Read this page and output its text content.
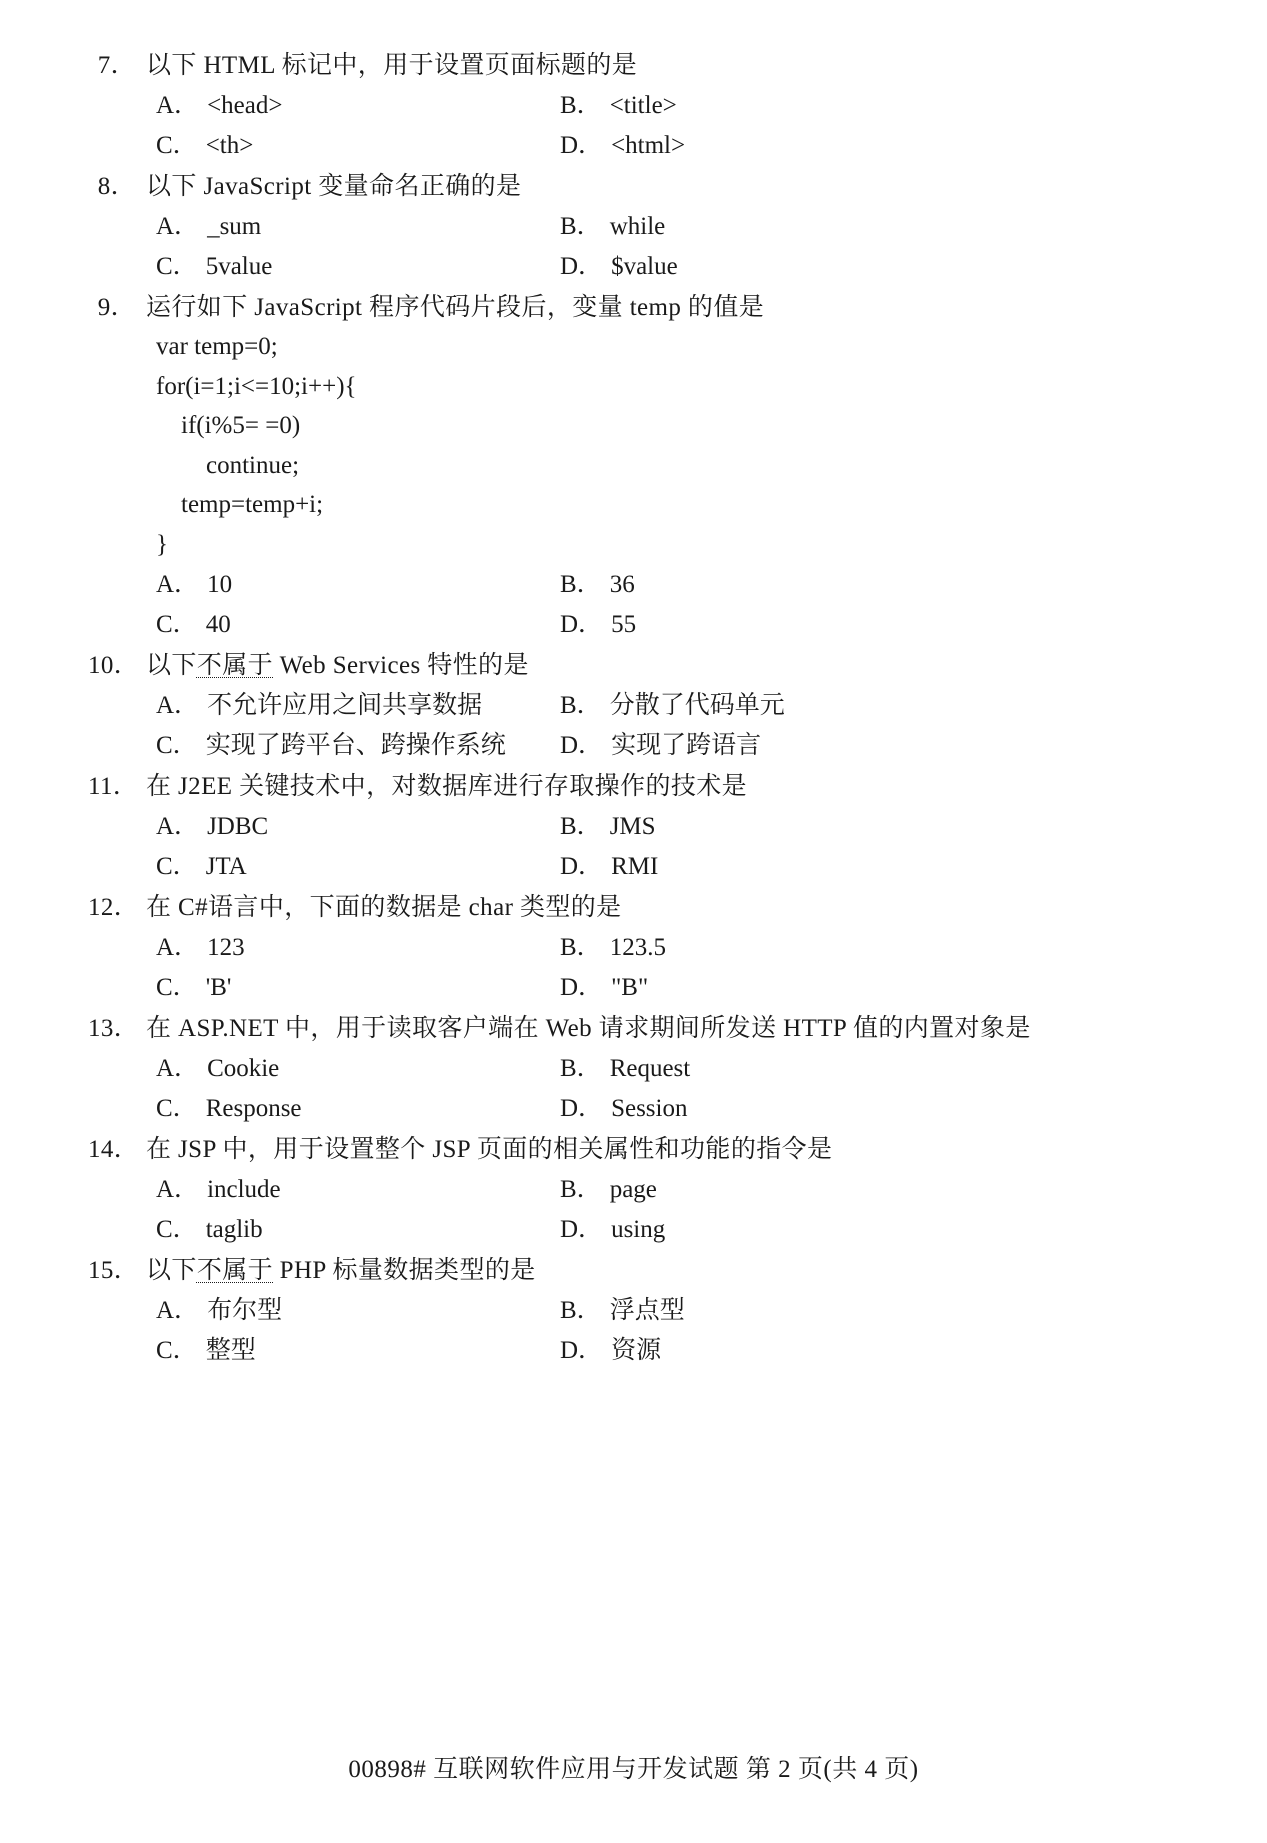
7． 以下 HTML 标记中，用于设置页面标题的是
A． <head>	B． <title>
C． <th>	D． <html>
8． 以下 JavaScript 变量命名正确的是
A． _sum	B． while
C． 5value	D． $value
9． 运行如下 JavaScript 程序代码片段后，变量 temp 的值是
var temp=0;
for(i=1;i<=10;i++){
if(i%5= =0)
continue;
temp=temp+i;
}
A． 10	B． 36
C． 40	D． 55
10． 以下不属于 Web Services 特性的是
A． 不允许应用之间共享数据	B． 分散了代码单元
C． 实现了跨平台、跨操作系统 D． 实现了跨语言
11． 在 J2EE 关键技术中，对数据库进行存取操作的技术是
A． JDBC	B． JMS
C． JTA	D． RMI
12． 在 C#语言中，下面的数据是 char 类型的是
A． 123	B． 123.5
C． 'B'	D． "B"
13． 在 ASP.NET 中，用于读取客户端在 Web 请求期间所发送 HTTP 值的内置对象是
A． Cookie	B． Request
C． Response	D． Session
14． 在 JSP 中，用于设置整个 JSP 页面的相关属性和功能的指令是
A． include	B． page
C． taglib	D． using
15． 以下不属于 PHP 标量数据类型的是
A． 布尔型	B． 浮点型
C． 整型	D． 资源
00898# 互联网软件应用与开发试题 第 2 页(共 4 页)
